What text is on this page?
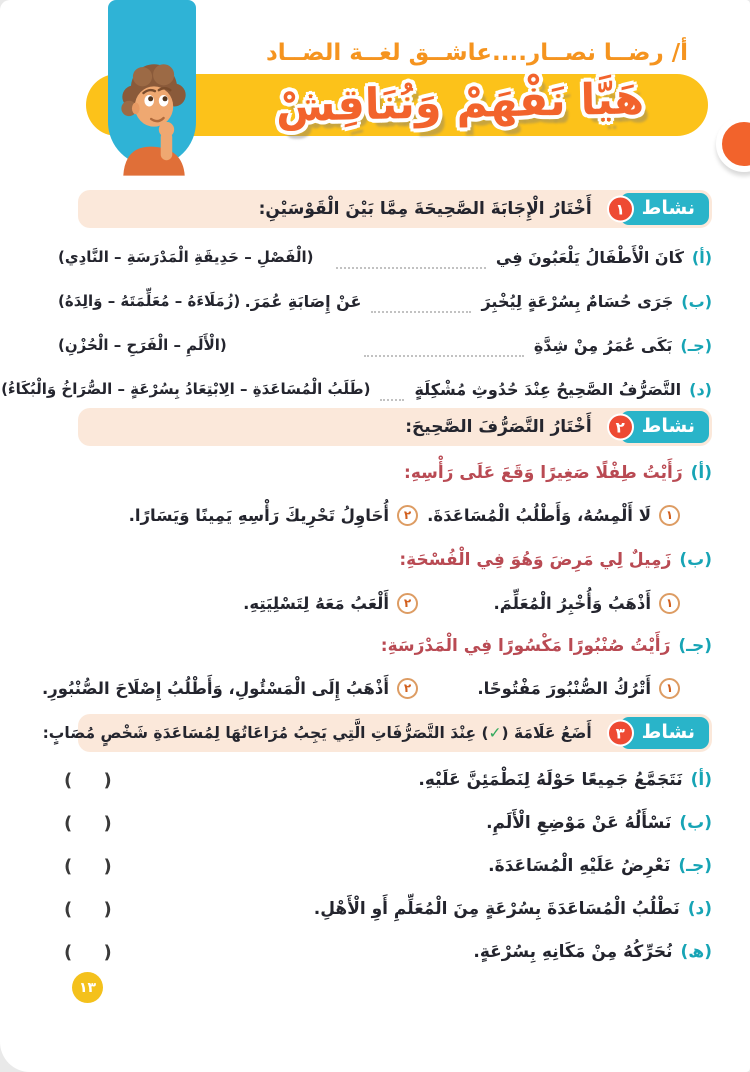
أ/ رضــا نصــار....عاشــق لغــة الضــاد
هَيَّا نَفْهَمْ وَنُنَاقِشْ
نشاط
١
أَخْتَارُ الْإِجَابَةَ الصَّحِيحَةَ مِمَّا بَيْنَ الْقَوْسَيْنِ:
(أ)
كَانَ الْأَطْفَالُ يَلْعَبُونَ فِي
(الْفَصْلِ – حَدِيقَةِ الْمَدْرَسَةِ – النَّادِي)
(ب)
جَرَى حُسَامٌ بِسُرْعَةٍ لِيُخْبِرَ
عَنْ إِصَابَةِ عُمَرَ.
(زُمَلَاءَهُ – مُعَلِّمَتَهُ – وَالِدَهُ)
(جـ)
بَكَى عُمَرُ مِنْ شِدَّةِ
(الْأَلَمِ – الْفَرَحِ – الْحُزْنِ)
(د)
التَّصَرُّفُ الصَّحِيحُ عِنْدَ حُدُوثِ مُشْكِلَةٍ
(طَلَبُ الْمُسَاعَدَةِ – الِابْتِعَادُ بِسُرْعَةٍ – الصُّرَاخُ وَالْبُكَاءُ)
نشاط
٢
أَخْتَارُ التَّصَرُّفَ الصَّحِيحَ:
(أ)
رَأَيْتُ طِفْلًا صَغِيرًا وَقَعَ عَلَى رَأْسِهِ:
١
لَا أَلْمِسُهُ، وَأَطْلُبُ الْمُسَاعَدَةَ.
٢
أُحَاوِلُ تَحْرِيكَ رَأْسِهِ يَمِينًا وَيَسَارًا.
(ب)
زَمِيلٌ لِي مَرِضَ وَهُوَ فِي الْفُسْحَةِ:
١
أَذْهَبُ وَأُخْبِرُ الْمُعَلِّمَ.
٢
أَلْعَبُ مَعَهُ لِتَسْلِيَتِهِ.
(جـ)
رَأَيْتُ صُنْبُورًا مَكْسُورًا فِي الْمَدْرَسَةِ:
١
أَتْرُكُ الصُّنْبُورَ مَفْتُوحًا.
٢
أَذْهَبُ إِلَى الْمَسْئُولِ، وَأَطْلُبُ إِصْلَاحَ الصُّنْبُورِ.
نشاط
٣
أَضَعُ عَلَامَةَ (✓) عِنْدَ التَّصَرُّفَاتِ الَّتِي يَجِبُ مُرَاعَاتُهَا لِمُسَاعَدَةِ شَخْصٍ مُصَابٍ:
(أ)
نَتَجَمَّعُ جَمِيعًا حَوْلَهُ لِنَطْمَئِنَّ عَلَيْهِ.
(     )
(ب)
نَسْأَلُهُ عَنْ مَوْضِعِ الْأَلَمِ.
(     )
(جـ)
نَعْرِضُ عَلَيْهِ الْمُسَاعَدَةَ.
(     )
(د)
نَطْلُبُ الْمُسَاعَدَةَ بِسُرْعَةٍ مِنَ الْمُعَلِّمِ أَوِ الْأَهْلِ.
(     )
(ھ)
نُحَرِّكُهُ مِنْ مَكَانِهِ بِسُرْعَةٍ.
(     )
١٣
